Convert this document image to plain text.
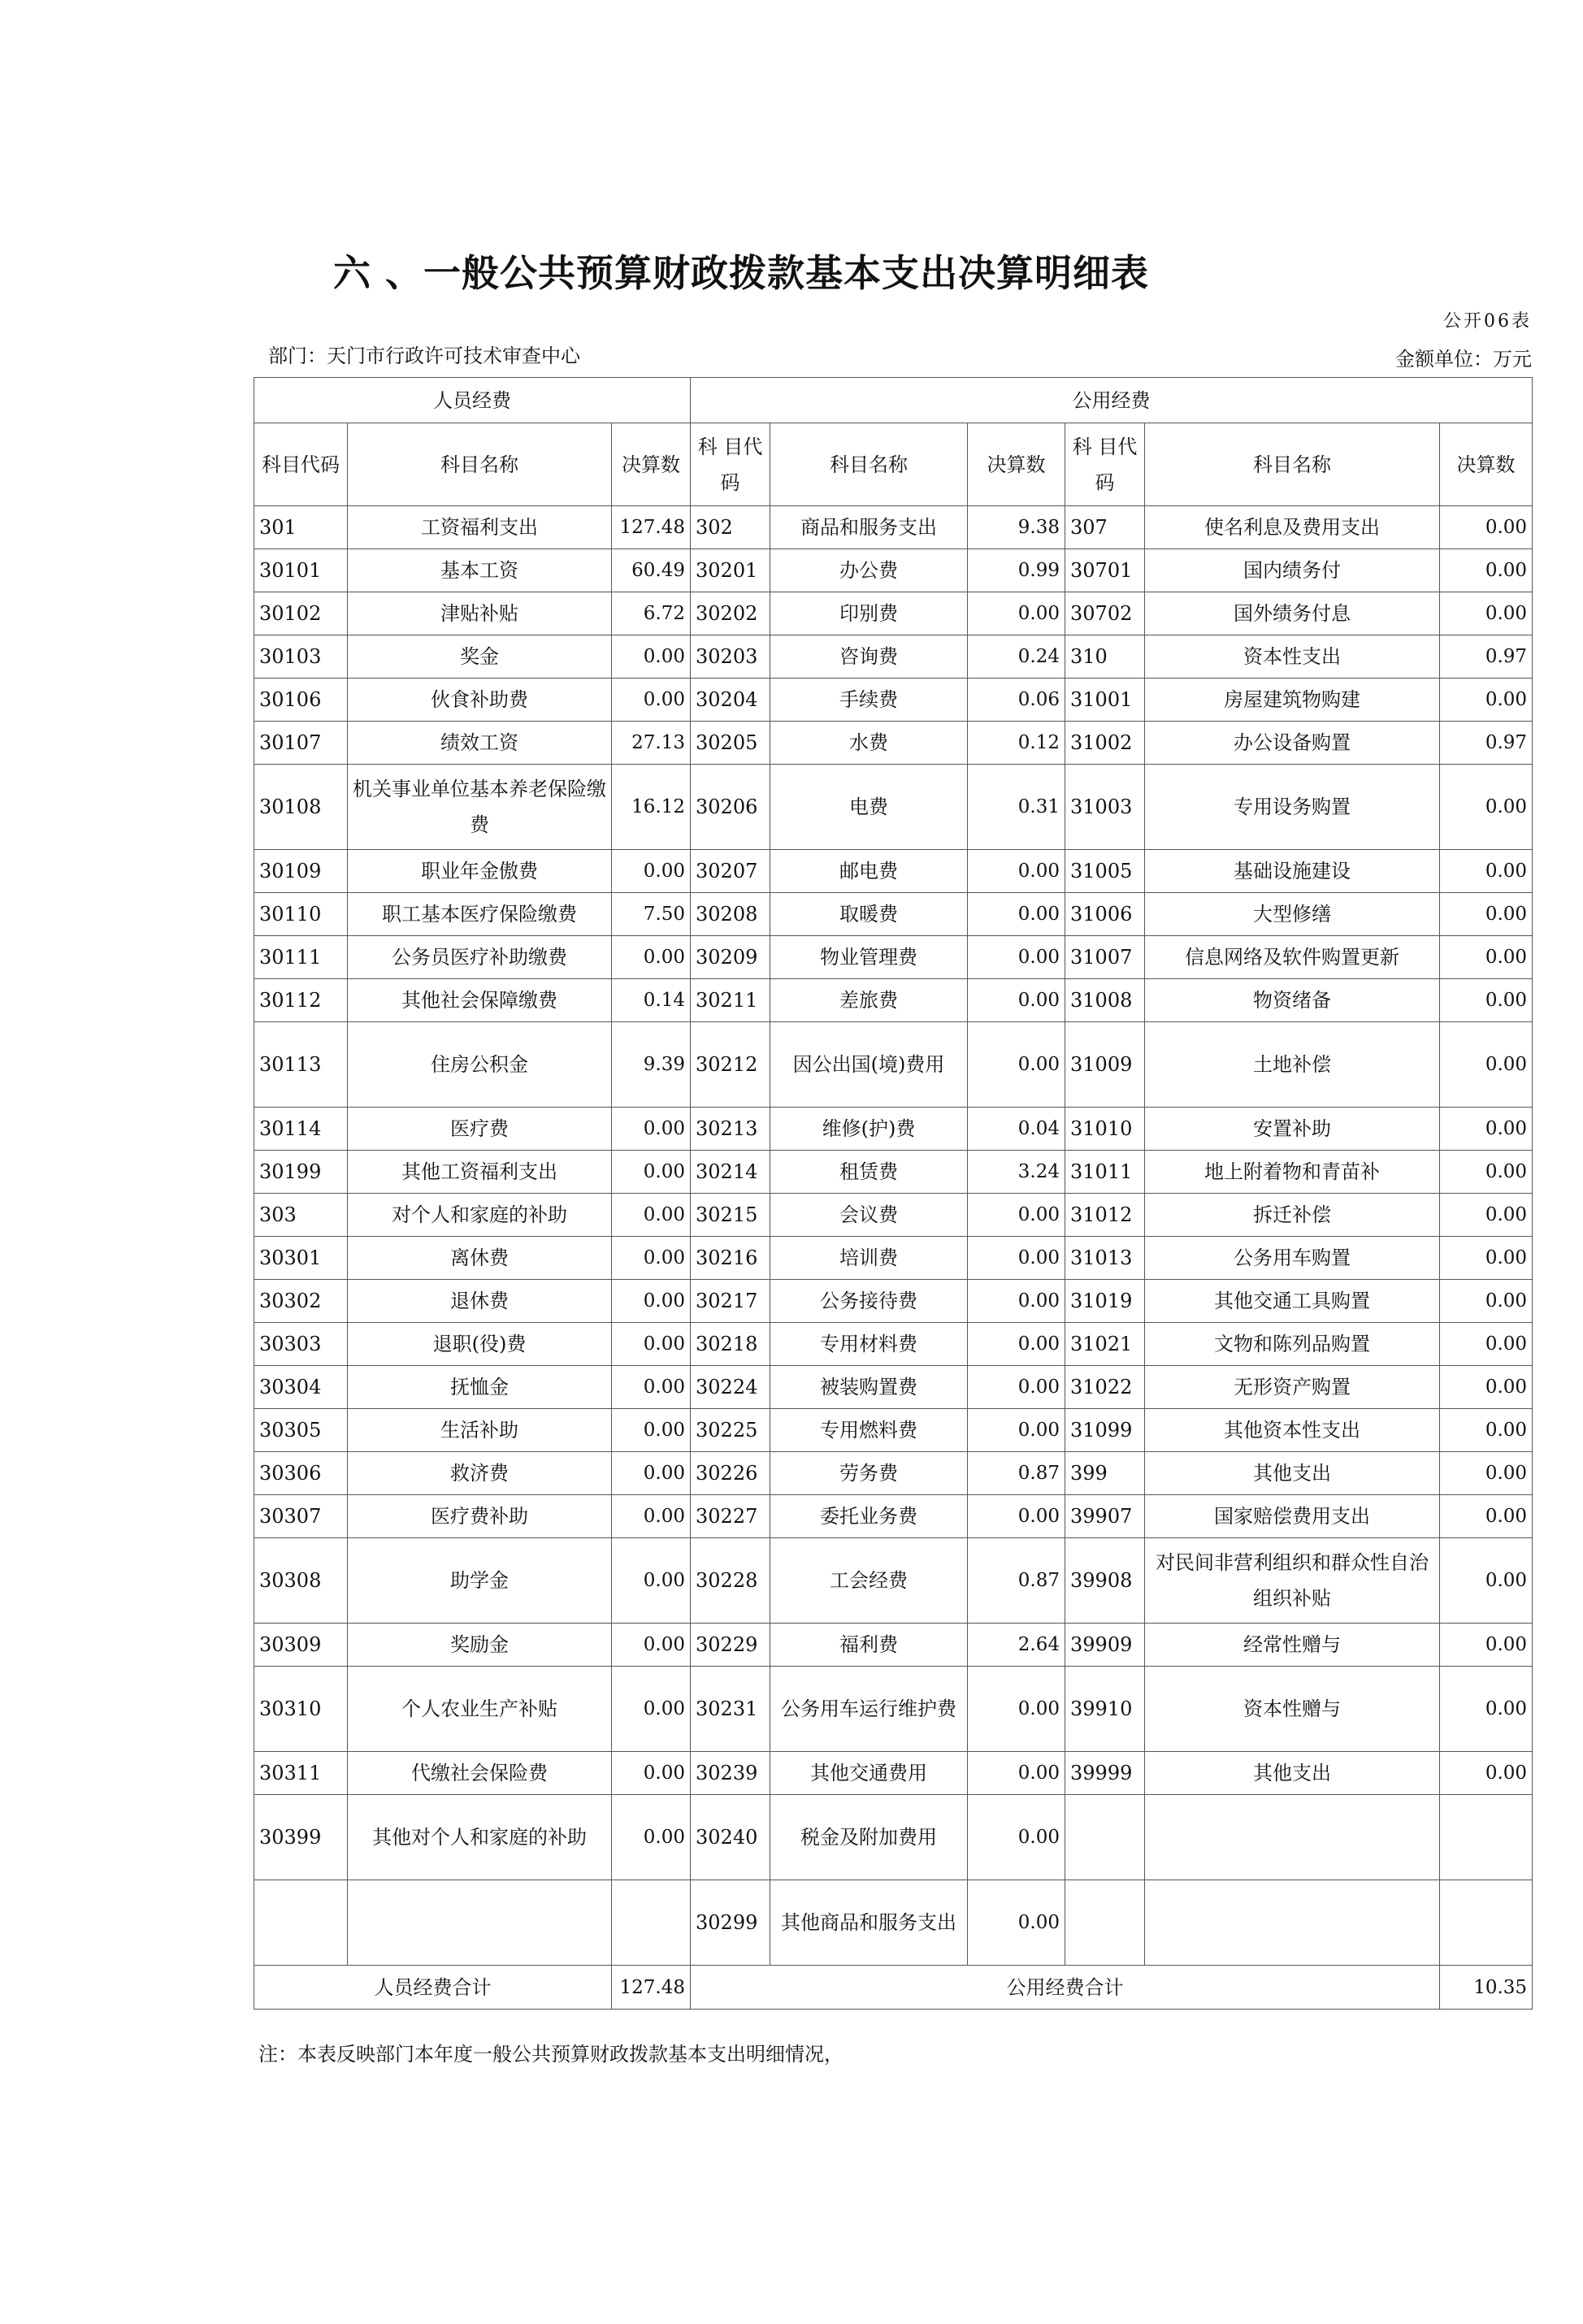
六 、一般公共预算财政拨款基本支出决算明细表
公开06表
部门：天门市行政许可技术审查中心	金额单位：万元
人员经费			公用经费					
科目代码	科目名称	决算数	科 目代码	科目名称	决算数	科 目代码	科目名称	决算数
301	工资福利支出	127.48	302	商品和服务支出	9.38	307	使名利息及费用支出	0.00
30101	基本工资	60.49	30201	办公费	0.99	30701	国内绩务付	0.00
30102	津贴补贴	6.72	30202	印别费	0.00	30702	国外绩务付息	0.00
30103	奖金	0.00	30203	咨询费	0.24	310	资本性支出	0.97
30106	伙食补助费	0.00	30204	手续费	0.06	31001	房屋建筑物购建	0.00
30107	绩效工资	27.13	30205	水费	0.12	31002	办公设备购置	0.97
30108	机关事业单位基本养老保险缴费	16.12	30206	电费	0.31	31003	专用设务购置	0.00
30109	职业年金傲费	0.00	30207	邮电费	0.00	31005	基础设施建设	0.00
30110	职工基本医疗保险缴费	7.50	30208	取暖费	0.00	31006	大型修缮	0.00
30111	公务员医疗补助缴费	0.00	30209	物业管理费	0.00	31007	信息网络及软件购置更新	0.00
30112	其他社会保障缴费	0.14	30211	差旅费	0.00	31008	物资绪备	0.00
30113	住房公积金	9.39	30212	因公出国(境)费用	0.00	31009	土地补偿	0.00
30114	医疗费	0.00	30213	维修(护)费	0.04	31010	安置补助	0.00
30199	其他工资福利支出	0.00	30214	租赁费	3.24	31011	地上附着物和青苗补	0.00
303	对个人和家庭的补助	0.00	30215	会议费	0.00	31012	拆迁补偿	0.00
30301	离休费	0.00	30216	培训费	0.00	31013	公务用车购置	0.00
30302	退休费	0.00	30217	公务接待费	0.00	31019	其他交通工具购置	0.00
30303	退职(役)费	0.00	30218	专用材料费	0.00	31021	文物和陈列品购置	0.00
30304	抚恤金	0.00	30224	被装购置费	0.00	31022	无形资产购置	0.00
30305	生活补助	0.00	30225	专用燃料费	0.00	31099	其他资本性支出	0.00
30306	救济费	0.00	30226	劳务费	0.87	399	其他支出	0.00
30307	医疗费补助	0.00	30227	委托业务费	0.00	39907	国家赔偿费用支出	0.00
30308	助学金	0.00	30228	工会经费	0.87	39908	对民间非营利组织和群众性自治组织补贴	0.00
30309	奖励金	0.00	30229	福利费	2.64	39909	经常性赠与	0.00
30310	个人农业生产补贴	0.00	30231	公务用车运行维护费	0.00	39910	资本性赠与	0.00
30311	代缴社会保险费	0.00	30239	其他交通费用	0.00	39999	其他支出	0.00
30399	其他对个人和家庭的补助	0.00	30240	税金及附加费用	0.00			
			30299	其他商品和服务支出	0.00			
人员经费合计		127.48	公用经费合计					10.35
注：本表反映部门本年度一般公共预算财政拨款基本支出明细情况，
